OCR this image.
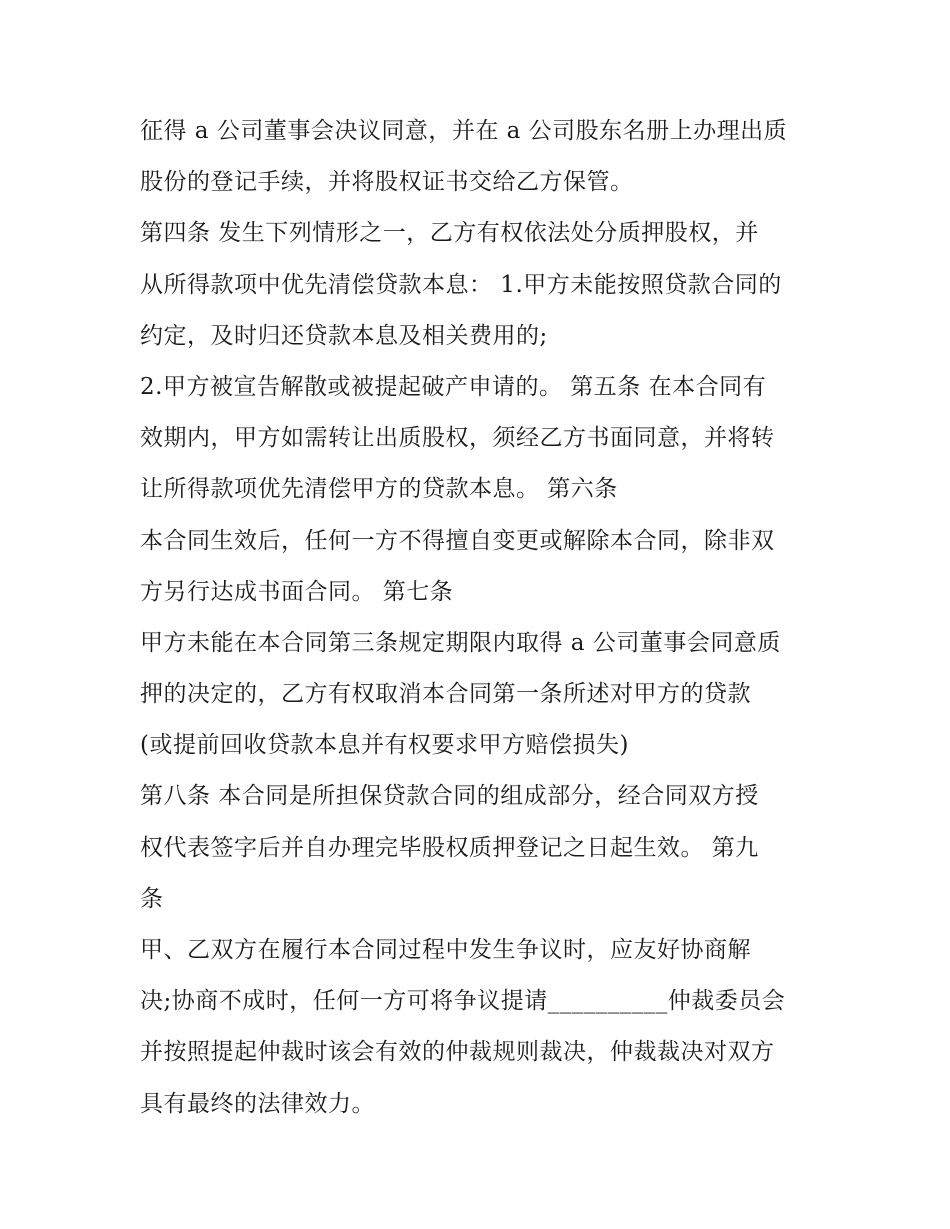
征得 a 公司董事会决议同意，并在 a 公司股东名册上办理出质
股份的登记手续，并将股权证书交给乙方保管。
第四条 发生下列情形之一，乙方有权依法处分质押股权，并
从所得款项中优先清偿贷款本息： 1.甲方未能按照贷款合同的
约定，及时归还贷款本息及相关费用的;
2.甲方被宣告解散或被提起破产申请的。 第五条 在本合同有
效期内，甲方如需转让出质股权，须经乙方书面同意，并将转
让所得款项优先清偿甲方的贷款本息。 第六条
本合同生效后，任何一方不得擅自变更或解除本合同，除非双
方另行达成书面合同。 第七条
甲方未能在本合同第三条规定期限内取得 a 公司董事会同意质
押的决定的，乙方有权取消本合同第一条所述对甲方的贷款
(或提前回收贷款本息并有权要求甲方赔偿损失)
第八条 本合同是所担保贷款合同的组成部分，经合同双方授
权代表签字后并自办理完毕股权质押登记之日起生效。 第九
条
甲、乙双方在履行本合同过程中发生争议时，应友好协商解
决;协商不成时，任何一方可将争议提请__________仲裁委员会
并按照提起仲裁时该会有效的仲裁规则裁决，仲裁裁决对双方
具有最终的法律效力。
